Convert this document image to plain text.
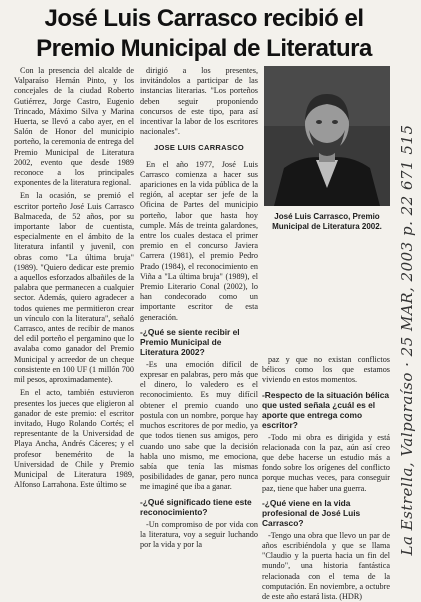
José Luis Carrasco recibió el
Premio Municipal de Literatura

Con la presencia del alcalde de Valparaíso Hernán Pinto, y los concejales de la ciudad Roberto Gutiérrez, Jorge Castro, Eugenio Trincado, Máximo Silva y Marina Huerta, se llevó a cabo ayer, en el Salón de Honor del municipio porteño, la ceremonia de entrega del Premio Municipal de Literatura 2002, evento que desde 1989 reconoce a los principales exponentes de la literatura regional.

En la ocasión, se premió el escritor porteño José Luis Carrasco Balmaceda, de 52 años, por su importante labor de cuentista, especialmente en el ámbito de la literatura infantil y juvenil, con obras como "La última bruja" (1989). "Quiero dedicar este premio a aquellos esforzados albañiles de la palabra que permanecen a cualquier sector. Además, quiero agradecer a todos quienes me permitieron crear un vínculo con la literatura", señaló Carrasco, antes de recibir de manos del edil porteño el pergamino que lo avalaba como ganador del Premio Municipal y acreedor de un cheque consistente en 100 UF (1 millón 700 mil pesos, aproximadamente).

En el acto, también estuvieron presentes los jueces que eligieron al ganador de este premio: el escritor invitado, Hugo Rolando Cortés; el representante de la Universidad de Playa Ancha, Andrés Cáceres; y el profesor benemérito de la Universidad de Chile y Premio Municipal de Literatura 1989, Alfonso Larrahona. Este último se

dirigió a los presentes, invitándolos a participar de las instancias literarias. "Los porteños deben seguir proponiendo concursos de este tipo, para así incentivar la labor de los escritores nacionales".

JOSE LUIS CARRASCO

En el año 1977, José Luis Carrasco comienza a hacer sus apariciones en la vida pública de la región, al aceptar ser jefe de la Oficina de Partes del municipio porteño, labor que hasta hoy cumple. Más de treinta galardones, entre los cuales destaca el primer premio en el concurso Javiera Carrera (1981), el premio Pedro Prado (1984), el reconocimiento en Viña a "La última bruja" (1989), el Premio Literario Conal (2002), lo han condecorado como un importante escritor de esta generación.

-¿Qué se siente recibir el Premio Municipal de Literatura 2002?

-Es una emoción difícil de expresar en palabras, pero más que el dinero, lo valedero es el reconocimiento. Es muy difícil obtener el premio cuando uno postula con un nombre, porque hay muchos escritores de por medio, ya que todos tienen sus amigos, pero cuando uno sabe que la decisión habla uno mismo, me emociona, sabía que tenía las mismas posibilidades de ganar, pero nunca me imaginé que iba a ganar.

-¿Qué significado tiene este reconocimiento?

-Un compromiso de por vida con la literatura, voy a seguir luchando por la vida y por la

José Luis Carrasco, Premio Municipal de Literatura 2002.

paz y que no existan conflictos bélicos como los que estamos viviendo en estos momentos.

-Respecto de la situación bélica que usted señala ¿cuál es el aporte que entrega como escritor?

-Todo mi obra es dirigida y está relacionada con la paz, aún así creo que debe hacerse un estudio más a fondo sobre los orígenes del conflicto porque muchas veces, para conseguir paz, tiene que haber una guerra.

-¿Qué viene en la vida profesional de José Luis Carrasco?

-Tengo una obra que llevo un par de años escribiéndola y que se llama "Claudio y la puerta hacia un fin del mundo", una historia fantástica relacionada con el tema de la computación. En noviembre, a octubre de este año estará lista. (HDR)

La Estrella, Valparaíso · 25 MAR, 2003 p. 22 671 515
